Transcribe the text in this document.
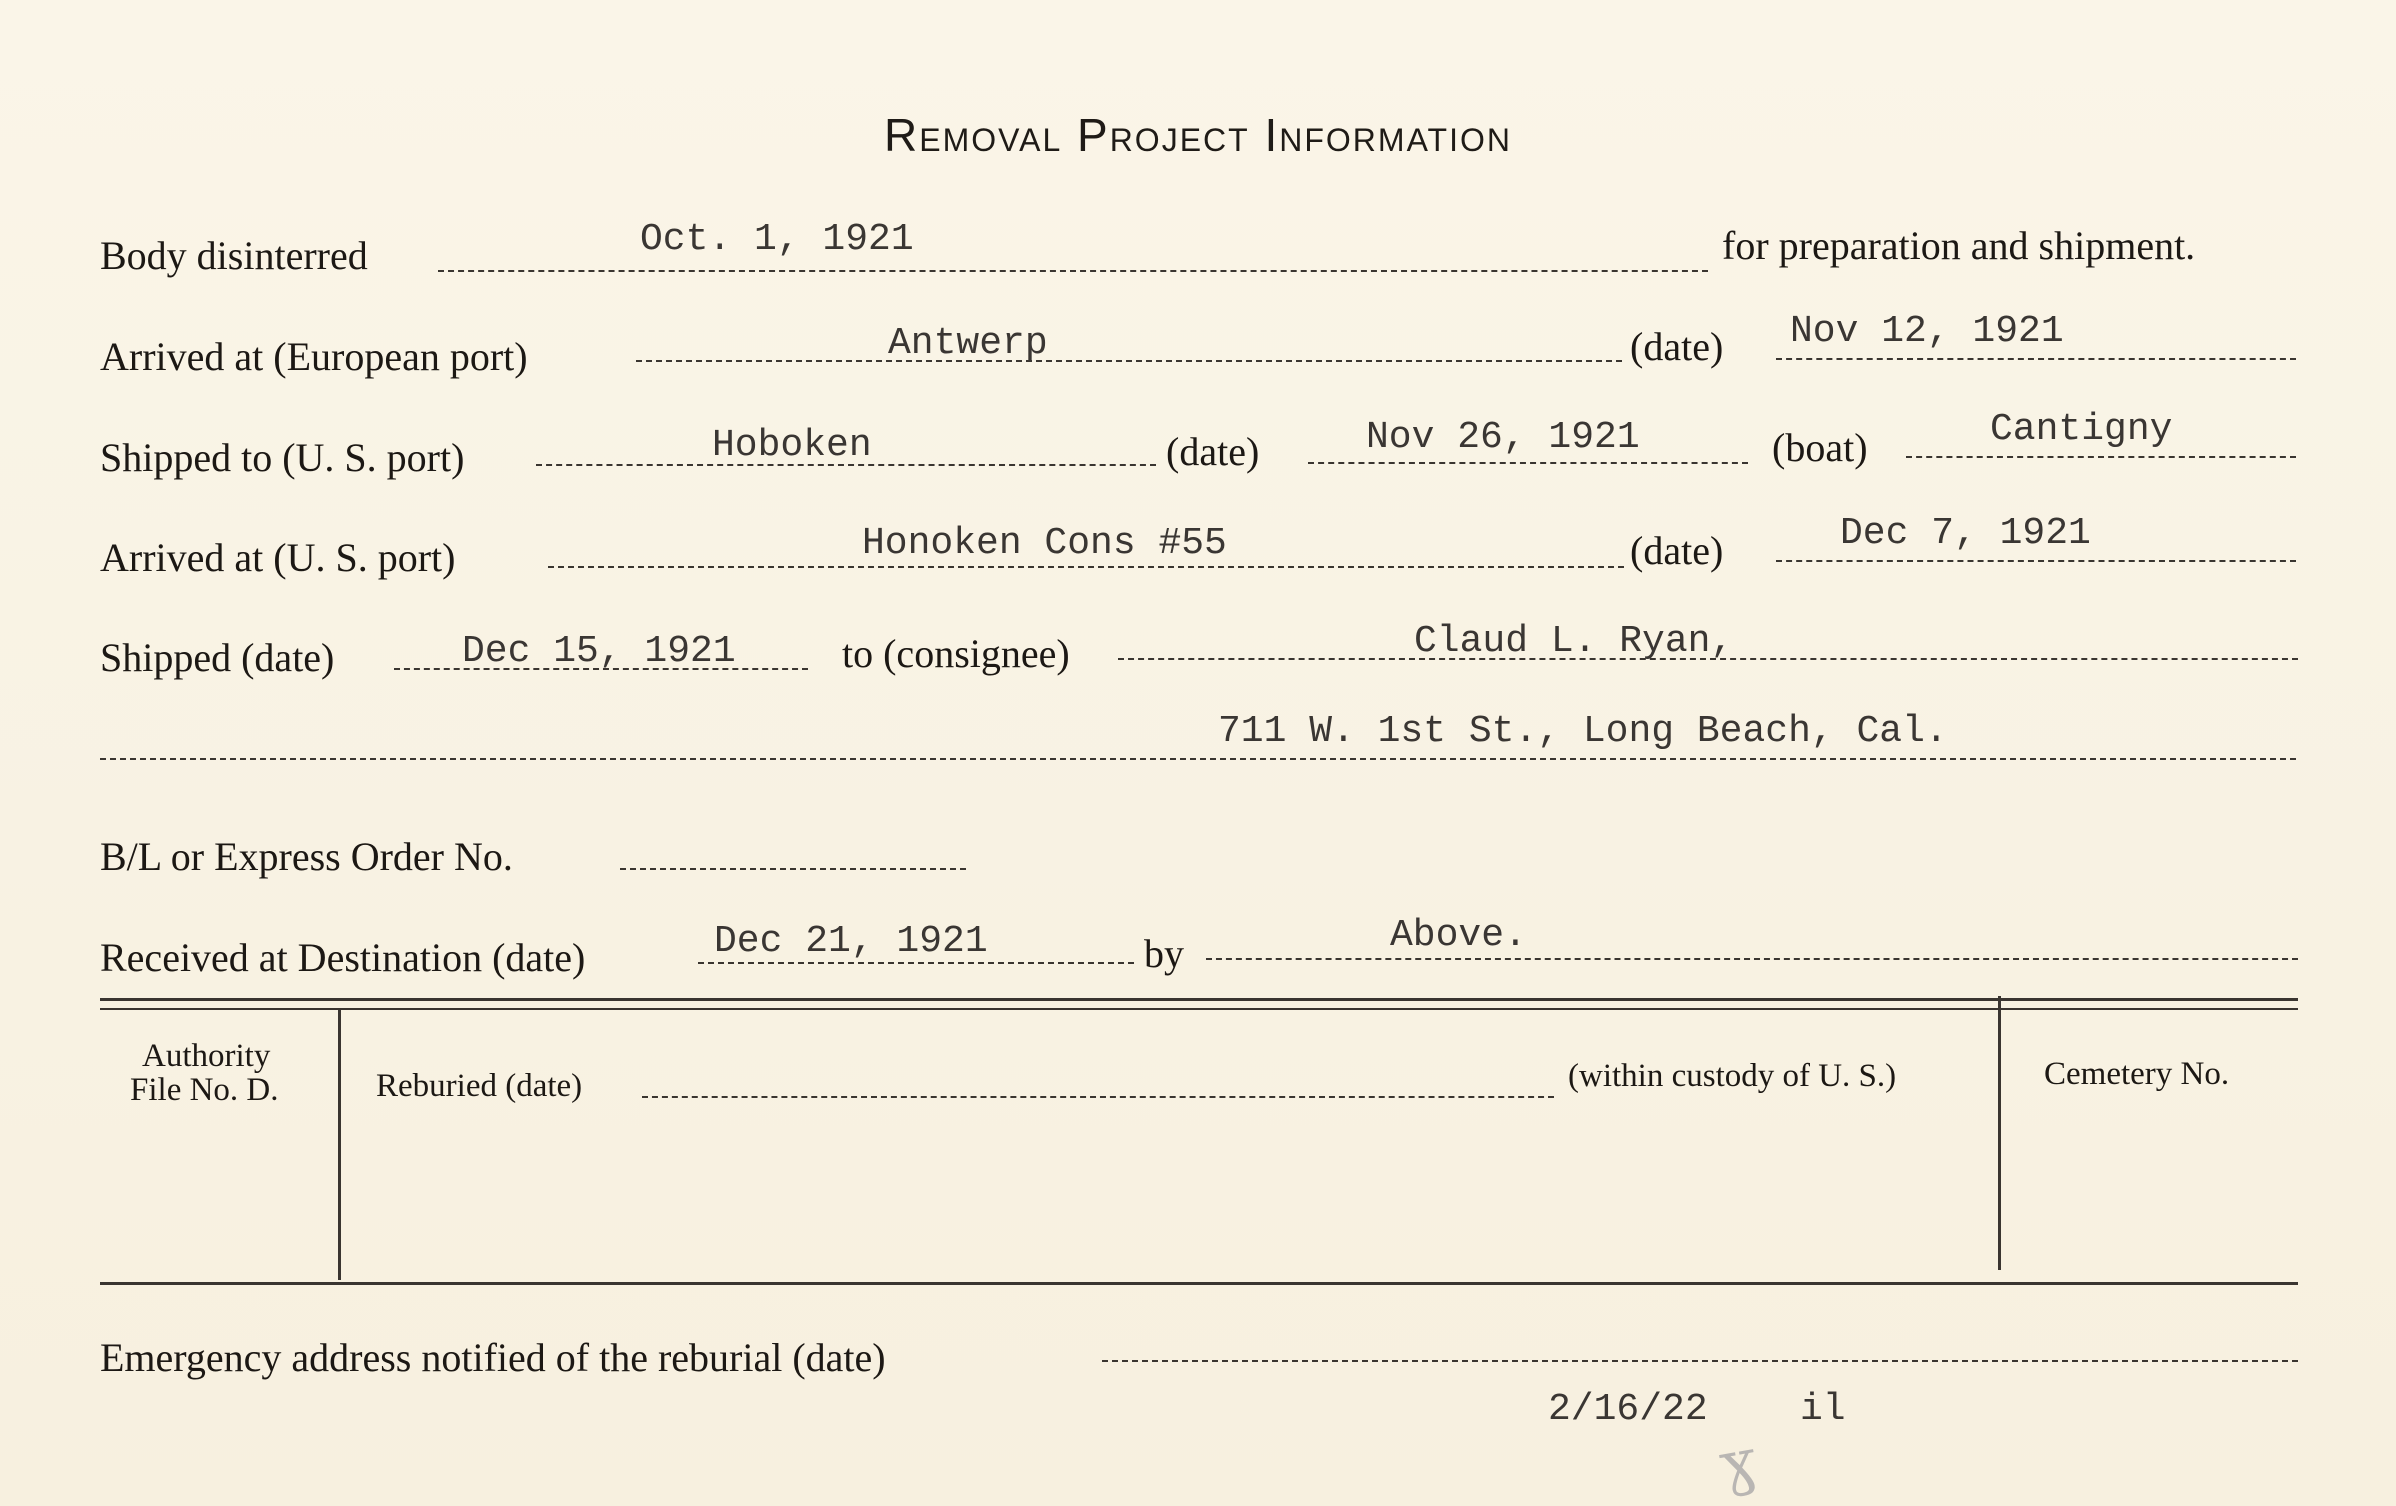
Removal Project Information
Body disinterred	Oct. 1, 1921	for preparation and shipment.
Arrived at (European port)	Antwerp	(date) Nov 12, 1921
Shipped to (U. S. port)	Hoboken	(date)	Nov 26, 1921	(boat)	Cantigny
Arrived at (U. S. port)	Honoken Cons #55	(date)	Dec 7, 1921
Shipped (date)	Dec 15, 1921	to (consignee)	Claud L. Ryan,
711 W. 1st St., Long Beach, Cal.
B/L or Express Order No.
Received at Destination (date)	Dec 21, 1921	by	Above.
Authority
File No. D.	Reburied (date)	(within custody of U. S.)	Cemetery No.
Emergency address notified of the reburial (date)
2/16/22 il
ɣ
